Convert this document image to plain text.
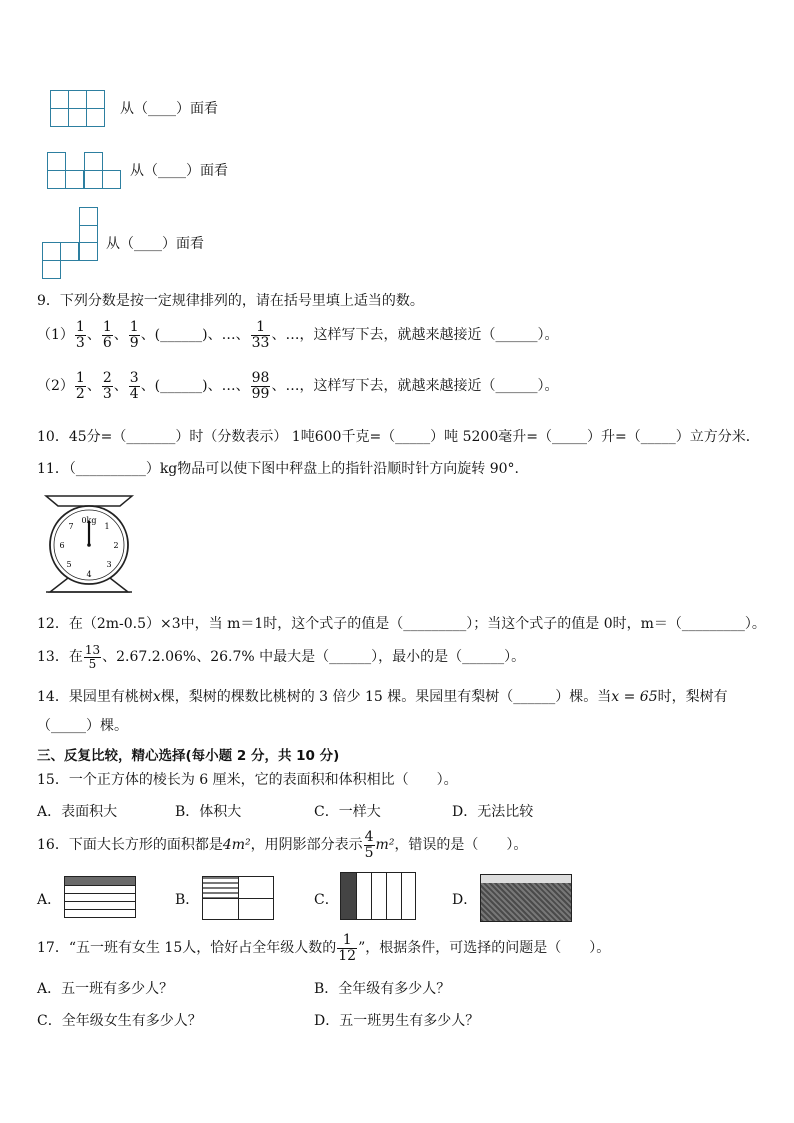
从（____）面看
从（____）面看
从（____）面看
9．下列分数是按一定规律排列的，请在括号里填上适当的数。
$(1) \frac{1}{3}$ 、 $\frac{1}{6}$ 、 $\frac{1}{9}$ 、(______)、…、 $\frac{1}{33}$ 、…，这样写下去，就越来越接近（______）。
$(2) \frac{1}{2}$ 、 $\frac{2}{3}$ 、 $\frac{3}{4}$ 、(______)、…、 $\frac{98}{99}$ 、…，这样写下去，就越来越接近（______）。
10．45分=（_______）时（分数表示） 1吨600千克=（_____）吨 5200毫升=（_____）升=（_____）立方分米．
11．（__________）kg物品可以使下图中秤盘上的指针沿顺时针方向旋转 90°.
0kg
7	1
6	2
5	3
4
12．在（2m-0.5）×3中，当 m＝1时，这个式子的值是（_________）；当这个式子的值是 0时，m＝（_________）。
13．在 $\frac{13}{5}$ 、2.67.2.06%、26.7% 中最大是（______），最小的是（______）。
14．果园里有桃树x棵，梨树的棵数比桃树的 3 倍少 15 棵。果园里有梨树（______）棵。当x = 65时，梨树有
（_____）棵。
三、反复比较，精心选择(每小题 2 分，共 10 分)
15．一个正方体的棱长为 6 厘米，它的表面积和体积相比（　　）。
A．表面积大	B．体积大	C．一样大	D．无法比较
16．下面大长方形的面积都是4m²，用阴影部分表示 $\frac{4}{5} m^2$，错误的是（　　）。
A．	B．	C．	D．
17．“五一班有女生 15人，恰好占全年级人数的 $\frac{1}{12}$ ”，根据条件，可选择的问题是（　　）。
A．五一班有多少人？	B．全年级有多少人？
C．全年级女生有多少人？	D．五一班男生有多少人？
